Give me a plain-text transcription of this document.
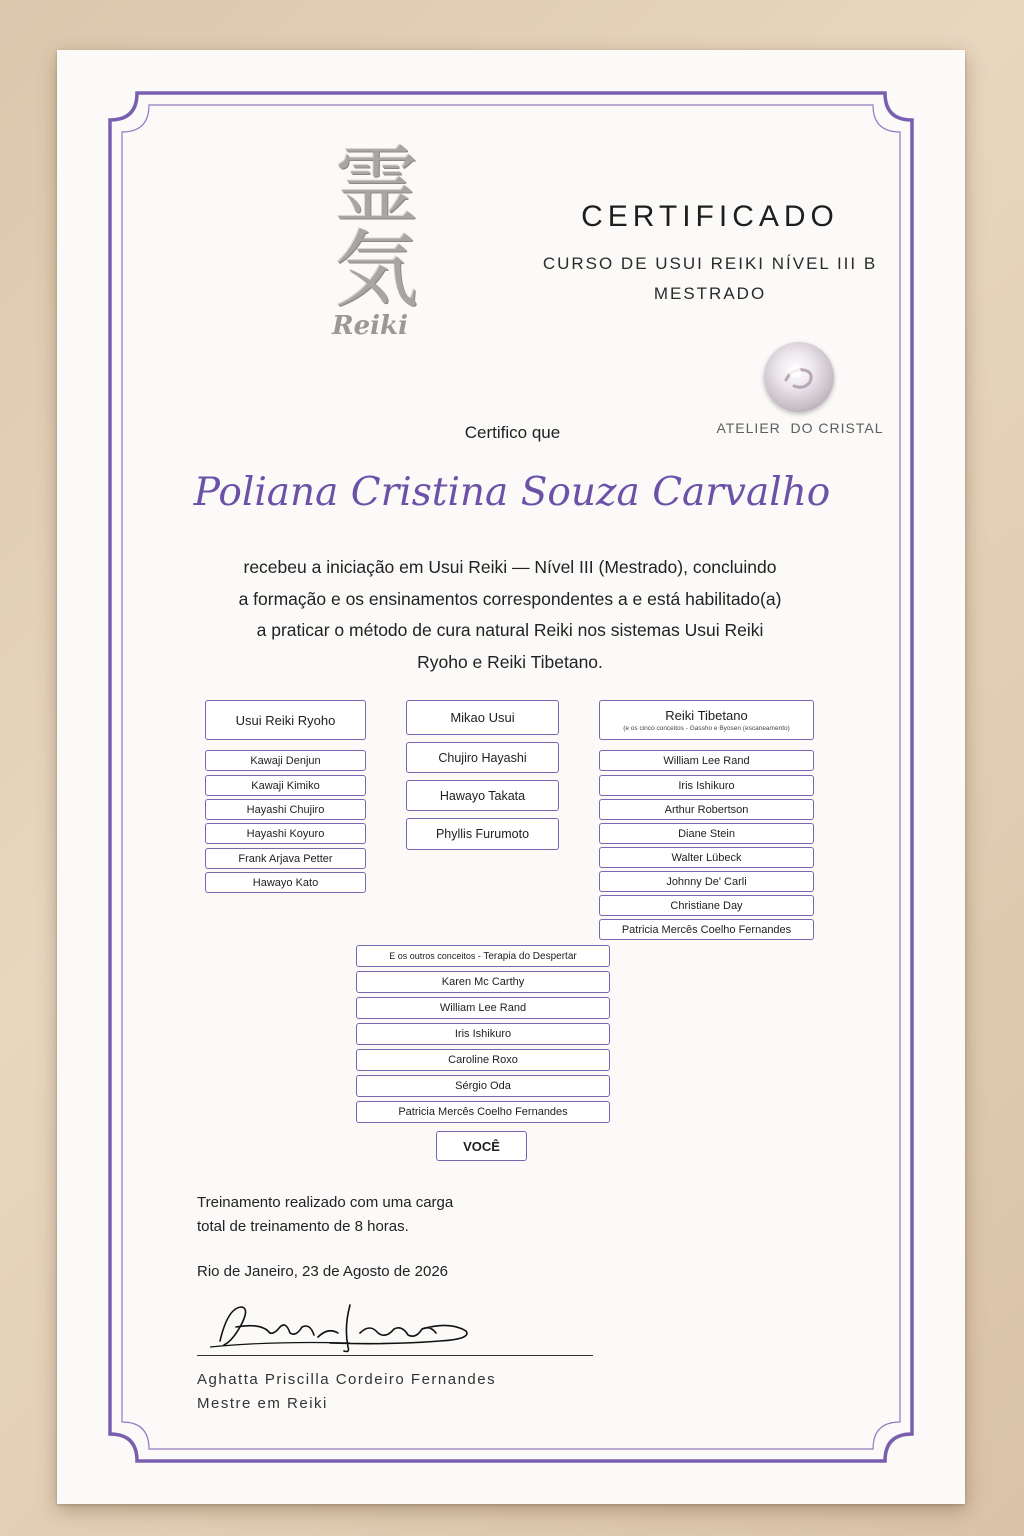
霊気
Reiki
CERTIFICADO
CURSO DE USUI REIKI NÍVEL III B
MESTRADO
ATELIER  DO CRISTAL
Certifico que
Poliana Cristina Souza Carvalho
recebeu a iniciação em Usui Reiki — Nível III (Mestrado), concluindo
a formação e os ensinamentos correspondentes a e está habilitado(a)
a praticar o método de cura natural Reiki nos sistemas Usui Reiki
Ryoho e Reiki Tibetano.
Usui Reiki Ryoho
Kawaji Denjun
Kawaji Kimiko
Hayashi Chujiro
Hayashi Koyuro
Frank Arjava Petter
Hawayo Kato
Mikao Usui
Chujiro Hayashi
Hawayo Takata
Phyllis Furumoto
Reiki Tibetano
(e os cinco conceitos - Gassho e Byosen (escaneamento)
William Lee Rand
Iris Ishikuro
Arthur Robertson
Diane Stein
Walter Lübeck
Johnny De' Carli
Christiane Day
Patricia Mercês Coelho Fernandes
E os outros conceitos - Terapia do Despertar
Karen Mc Carthy
William Lee Rand
Iris Ishikuro
Caroline Roxo
Sérgio Oda
Patricia Mercês Coelho Fernandes
VOCÊ
Treinamento realizado com uma carga
total de treinamento de 8 horas.
Rio de Janeiro, 23 de Agosto de 2026
Aghatta Priscilla Cordeiro Fernandes
Mestre em Reiki
